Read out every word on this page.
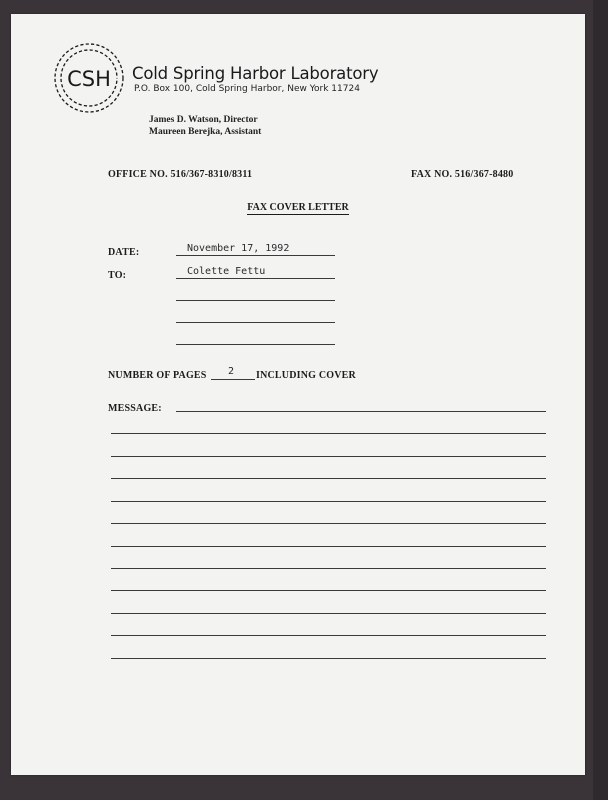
CSH Cold Spring Harbor Laboratory
P.O. Box 100, Cold Spring Harbor, New York 11724
James D. Watson, Director
Maureen Berejka, Assistant
OFFICE NO. 516/367-8310/8311	FAX NO. 516/367-8480
FAX COVER LETTER
DATE:	November 17, 1992
TO:	Colette Fettu
NUMBER OF PAGES 2 INCLUDING COVER
MESSAGE:
